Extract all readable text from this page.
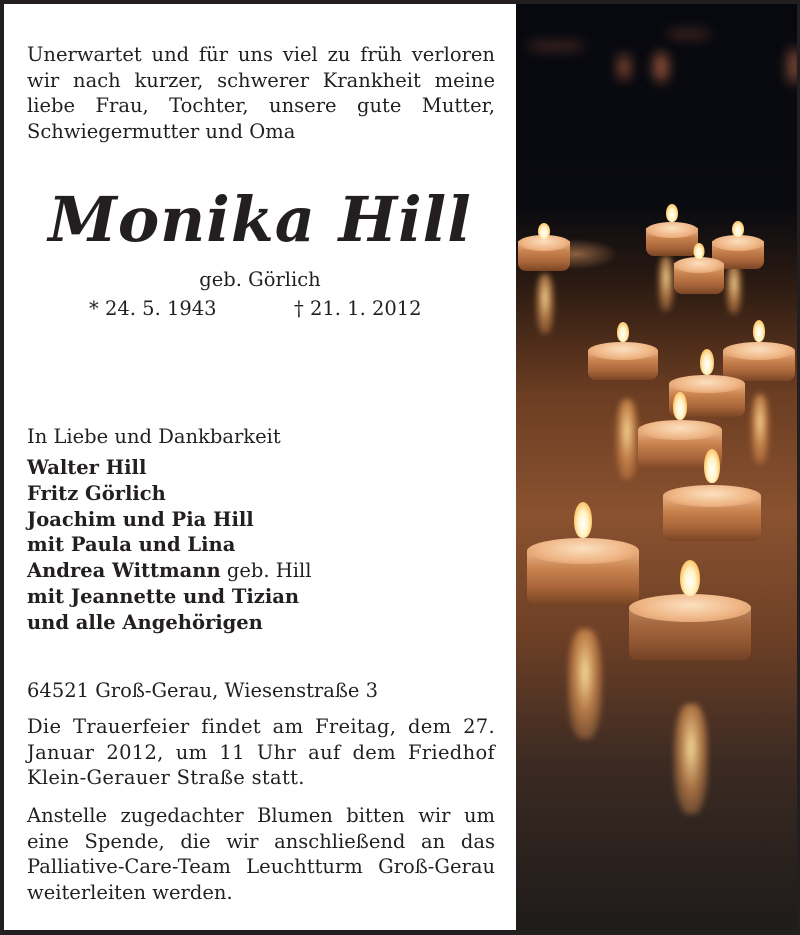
Unerwartet und für uns viel zu früh verloren wir nach kurzer, schwerer Krankheit meine liebe Frau, Tochter, unsere gute Mutter, Schwiegermutter und Oma

Monika Hill
geb. Görlich
* 24. 5. 1943	† 21. 1. 2012
In Liebe und Dankbarkeit
Walter Hill
Fritz Görlich
Joachim und Pia Hill
mit Paula und Lina
Andrea Wittmann geb. Hill
mit Jeannette und Tizian
und alle Angehörigen
64521 Groß-Gerau, Wiesenstraße 3

Die Trauerfeier findet am Freitag, dem 27. Januar 2012, um 11 Uhr auf dem Friedhof Klein-Gerauer Straße statt.

Anstelle zugedachter Blumen bitten wir um eine Spende, die wir anschließend an das Palliative-Care-Team Leuchtturm Groß-Gerau weiterleiten werden.
